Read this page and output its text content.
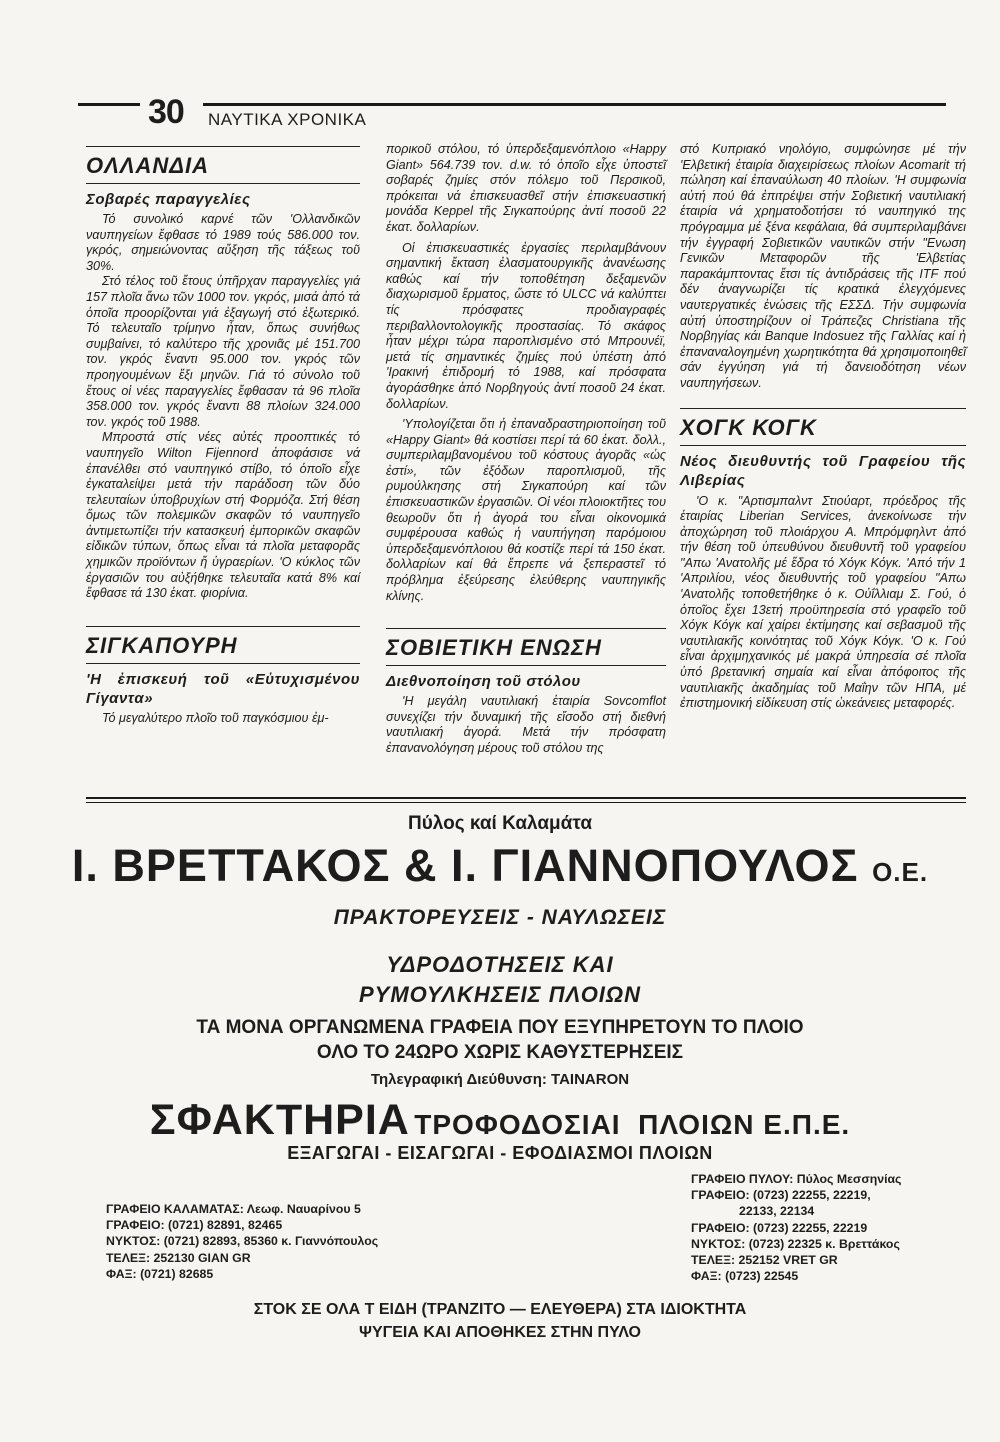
30 ΝΑΥΤΙΚΑ ΧΡΟΝΙΚΑ
ΟΛΛΑΝΔΙΑ
Σοβαρές παραγγελίες

Τό συνολικό καρνέ τῶν 'Ολλανδικῶν ναυπηγείων ἔφθασε τό 1989 τούς 586.000 τον. γκρός, σημειώνοντας αὔξηση τῆς τάξεως τοῦ 30%.

Στό τέλος τοῦ ἔτους ὑπῆρχαν παραγγελίες γιά 157 πλοῖα ἄνω τῶν 1000 τον. γκρός, μισά ἀπό τά ὁποῖα προορίζονται γιά ἐξαγωγή στό ἐξωτερικό. Τό τελευταῖο τρίμηνο ἦταν, ὅπως συνήθως συμβαίνει, τό καλύτερο τῆς χρονιᾶς μέ 151.700 τον. γκρός ἔναντι 95.000 τον. γκρός τῶν προηγουμένων ἔξι μηνῶν. Γιά τό σύνολο τοῦ ἔτους οἱ νέες παραγγελίες ἔφθασαν τά 96 πλοῖα 358.000 τον. γκρός ἔναντι 88 πλοίων 324.000 τον. γκρός τοῦ 1988.

Μπροστά στίς νέες αὐτές προοπτικές τό ναυπηγεῖο Wilton Fijennord ἀποφάσισε νά ἐπανέλθει στό ναυπηγικό στίβο, τό ὁποῖο εἶχε ἐγκαταλείψει μετά τήν παράδοση τῶν δύο τελευταίων ὑποβρυχίων στή Φορμόζα. Στή θέση ὅμως τῶν πολεμικῶν σκαφῶν τό ναυπηγεῖο ἀντιμετωπίζει τήν κατασκευή ἐμπορικῶν σκαφῶν εἰδικῶν τύπων, ὅπως εἶναι τά πλοῖα μεταφορᾶς χημικῶν προϊόντων ἤ ὑγραερίων. 'Ο κύκλος τῶν ἐργασιῶν του αὐξήθηκε τελευταῖα κατά 8% καί ἔφθασε τά 130 ἑκατ. φιορίνια.

ΣΙΓΚΑΠΟΥΡΗ
'Η ἐπισκευή τοῦ «Εὐτυχισμένου Γίγαντα»

Τό μεγαλύτερο πλοῖο τοῦ παγκόσμιου ἐμ-

πορικοῦ στόλου, τό ὑπερδεξαμενόπλοιο «Happy Giant» 564.739 τον. d.w. τό ὁποῖο εἶχε ὑποστεῖ σοβαρές ζημίες στόν πόλεμο τοῦ Περσικοῦ, πρόκειται νά ἐπισκευασθεῖ στήν ἐπισκευαστική μονάδα Keppel τῆς Σιγκαπούρης ἀντί ποσοῦ 22 ἑκατ. δολλαρίων.

Οἱ ἐπισκευαστικές ἐργασίες περιλαμβάνουν σημαντική ἔκταση ἐλασματουργικῆς ἀνανέωσης καθώς καί τήν τοποθέτηση δεξαμενῶν διαχωρισμοῦ ἕρματος, ὥστε τό ULCC νά καλύπτει τίς πρόσφατες προδιαγραφές περιβαλλοντολογικῆς προστασίας. Τό σκάφος ἦταν μέχρι τώρα παροπλισμένο στό Μπρουνέϊ, μετά τίς σημαντικές ζημίες πού ὑπέστη ἀπό 'Ιρακινή ἐπιδρομή τό 1988, καί πρόσφατα ἀγοράσθηκε ἀπό Νορβηγούς ἀντί ποσοῦ 24 ἑκατ. δολλαρίων.

'Υπολογίζεται ὅτι ἡ ἐπαναδραστηριοποίηση τοῦ «Happy Giant» θά κοστίσει περί τά 60 ἑκατ. δολλ., συμπεριλαμβανομένου τοῦ κόστους ἀγορᾶς «ὡς ἐστί», τῶν ἐξόδων παροπλισμοῦ, τῆς ρυμούλκησης στή Σιγκαπούρη καί τῶν ἐπισκευαστικῶν ἐργασιῶν. Οἱ νέοι πλοιοκτῆτες του θεωροῦν ὅτι ἡ ἀγορά του εἶναι οἰκονομικά συμφέρουσα καθώς ἡ ναυπήγηση παρόμοιου ὑπερδεξαμενόπλοιου θά κοστίζε περί τά 150 ἑκατ. δολλαρίων καί θά ἔπρεπε νά ξεπεραστεῖ τό πρόβλημα ἐξεύρεσης ἐλεύθερης ναυπηγικῆς κλίνης.

ΣΟΒΙΕΤΙΚΗ ΕΝΩΣΗ
Διεθνοποίηση τοῦ στόλου

'Η μεγάλη ναυτιλιακή ἑταιρία Sovcomflot συνεχίζει τήν δυναμική τῆς εἴσοδο στή διεθνή ναυτιλιακή ἀγορά. Μετά τήν πρόσφατη ἐπανανολόγηση μέρους τοῦ στόλου της

στό Κυπριακό νηολόγιο, συμφώνησε μέ τήν 'Ελβετική ἑταιρία διαχειρίσεως πλοίων Acomarit τή πώληση καί ἐπαναύλωση 40 πλοίων. 'Η συμφωνία αὐτή πού θά ἐπιτρέψει στήν Σοβιετική ναυτιλιακή ἑταιρία νά χρηματοδοτήσει τό ναυπηγικό της πρόγραμμα μέ ξένα κεφάλαια, θά συμπεριλαμβάνει τήν ἐγγραφή Σοβιετικῶν ναυτικῶν στήν "Ενωση Γενικῶν Μεταφορῶν τῆς 'Ελβετίας παρακάμπτοντας ἔτσι τίς ἀντιδράσεις τῆς ITF πού δέν ἀναγνωρίζει τίς κρατικά ἐλεγχόμενες ναυτεργατικές ἑνώσεις τῆς ΕΣΣΔ. Τήν συμφωνία αὐτή ὑποστηρίζουν οἱ Τράπεζες Christiana τῆς Νορβηγίας κάι Banque Indosuez τῆς Γαλλίας καί ἡ ἐπαναναλογημένη χωρητικότητα θά χρησιμοποιηθεῖ σάν ἐγγύηση γιά τή δανειοδότηση νέων ναυπηγήσεων.

ΧΟΓΚ ΚΟΓΚ
Νέος διευθυντής τοῦ Γραφείου τῆς Λιβερίας

'Ο κ. "Αρτισμπαλντ Στιούαρτ, πρόεδρος τῆς ἑταιρίας Liberian Services, ἀνεκοίνωσε τήν ἀποχώρηση τοῦ πλοιάρχου Α. Μπρόμφηλντ ἀπό τήν θέση τοῦ ὑπευθύνου διευθυντῆ τοῦ γραφείου "Απω 'Ανατολῆς μέ ἕδρα τό Χόγκ Κόγκ. 'Από τήν 1 'Απριλίου, νέος διευθυντής τοῦ γραφείου "Απω 'Ανατολῆς τοποθετήθηκε ὁ κ. Οὐΐλλιαμ Σ. Γού, ὁ ὁποῖος ἔχει 13ετή προϋπηρεσία στό γραφεῖο τοῦ Χόγκ Κόγκ καί χαίρει ἐκτίμησης καί σεβασμοῦ τῆς ναυτιλιακῆς κοινότητας τοῦ Χόγκ Κόγκ. 'Ο κ. Γού εἶναι ἀρχιμηχανικός μέ μακρά ὑπηρεσία σέ πλοῖα ὑπό βρετανική σημαία καί εἶναι ἀπόφοιτος τῆς ναυτιλιακῆς ἀκαδημίας τοῦ Μαΐην τῶν ΗΠΑ, μέ ἐπιστημονική εἰδίκευση στίς ὠκεάνειες μεταφορές.

Πύλος καί Καλαμάτα
Ι. ΒΡΕΤΤΑΚΟΣ & Ι. ΓΙΑΝΝΟΠΟΥΛΟΣ Ο.Ε.
ΠΡΑΚΤΟΡΕΥΣΕΙΣ - ΝΑΥΛΩΣΕΙΣ
ΥΔΡΟΔΟΤΗΣΕΙΣ ΚΑΙ
ΡΥΜΟΥΛΚΗΣΕΙΣ ΠΛΟΙΩΝ
ΤΑ ΜΟΝΑ ΟΡΓΑΝΩΜΕΝΑ ΓΡΑΦΕΙΑ ΠΟΥ ΕΞΥΠΗΡΕΤΟΥΝ ΤΟ ΠΛΟΙΟ
ΟΛΟ ΤΟ 24ΩΡΟ ΧΩΡΙΣ ΚΑΘΥΣΤΕΡΗΣΕΙΣ
Τηλεγραφική Διεύθυνση: TAINARON
ΣΦΑΚΤΗΡΙΑ ΤΡΟΦΟΔΟΣΙΑΙ  ΠΛΟΙΩΝ Ε.Π.Ε.
ΕΞΑΓΩΓΑΙ - ΕΙΣΑΓΩΓΑΙ - ΕΦΟΔΙΑΣΜΟΙ ΠΛΟΙΩΝ
ΓΡΑΦΕΙΟ ΚΑΛΑΜΑΤΑΣ: Λεωφ. Ναυαρίνου 5
ΓΡΑΦΕΙΟ: (0721) 82891, 82465
ΝΥΚΤΟΣ: (0721) 82893, 85360 κ. Γιαννόπουλος
ΤΕΛΕΞ: 252130 GIAN GR
ΦΑΞ: (0721) 82685
ΓΡΑΦΕΙΟ ΠΥΛΟΥ: Πύλος Μεσσηνίας
ΓΡΑΦΕΙΟ: (0723) 22255, 22219,
22133, 22134
ΓΡΑΦΕΙΟ: (0723) 22255, 22219
ΝΥΚΤΟΣ: (0723) 22325 κ. Βρεττάκος
ΤΕΛΕΞ: 252152 VRET GR
ΦΑΞ: (0723) 22545
ΣΤΟΚ ΣΕ ΟΛΑ Τ ΕΙΔΗ (ΤΡΑΝΖΙΤΟ — ΕΛΕΥΘΕΡΑ) ΣΤΑ ΙΔΙΟΚΤΗΤΑ
ΨΥΓΕΙΑ ΚΑΙ ΑΠΟΘΗΚΕΣ ΣΤΗΝ ΠΥΛΟ
